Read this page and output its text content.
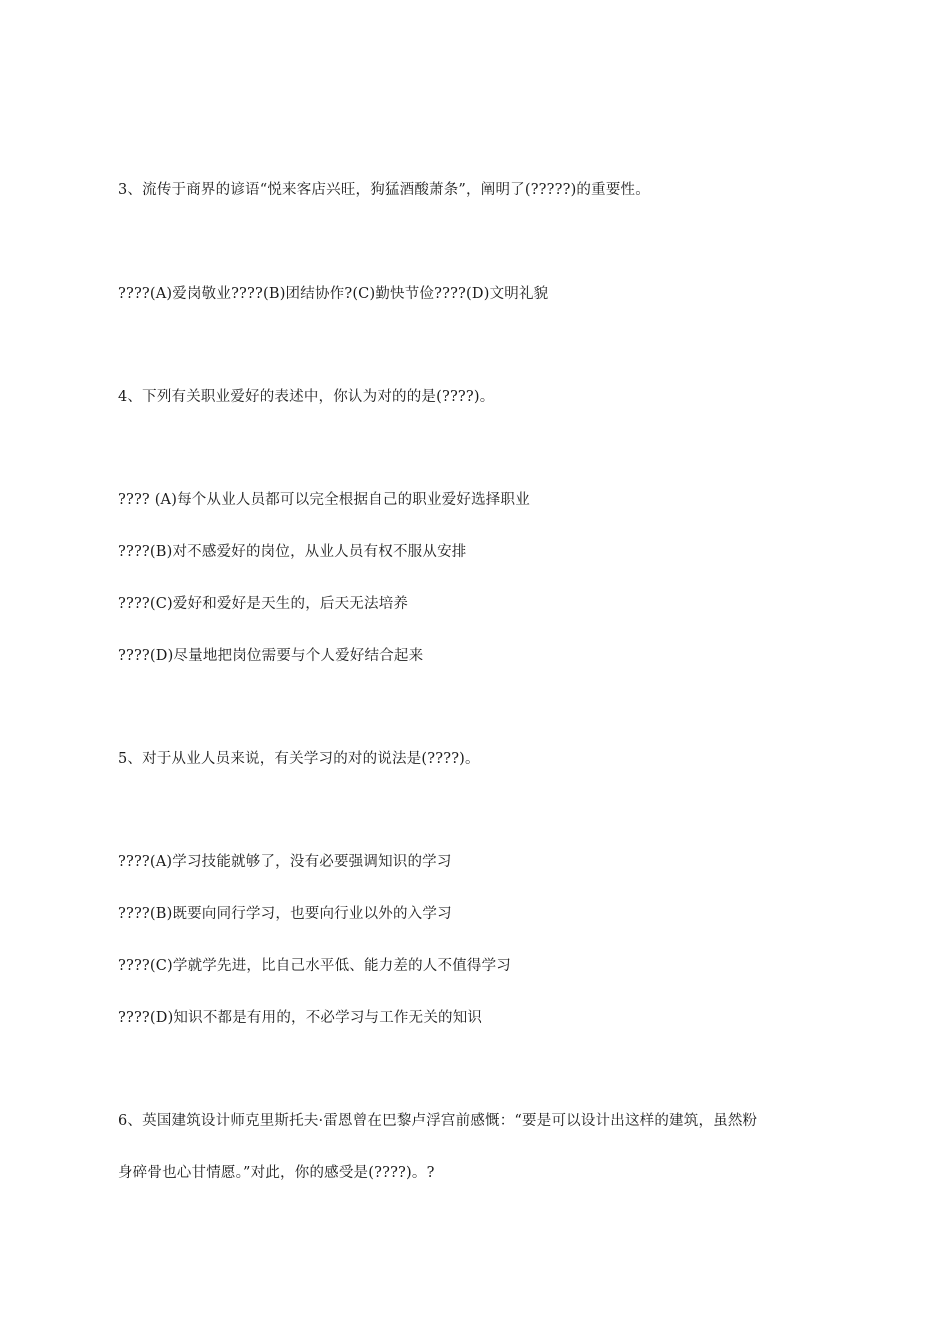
3、流传于商界的谚语“悦来客店兴旺，狗猛酒酸萧条”，阐明了(?????)的重要性。
????(A)爱岗敬业????(B)团结协作?(C)勤快节俭????(D)文明礼貌
4、下列有关职业爱好的表述中，你认为对的的是(????)。
???? (A)每个从业人员都可以完全根据自己的职业爱好选择职业
????(B)对不感爱好的岗位，从业人员有权不服从安排
????(C)爱好和爱好是天生的，后天无法培养
????(D)尽量地把岗位需要与个人爱好结合起来
5、对于从业人员来说，有关学习的对的说法是(????)。
????(A)学习技能就够了，没有必要强调知识的学习
????(B)既要向同行学习，也要向行业以外的入学习
????(C)学就学先进，比自己水平低、能力差的人不值得学习
????(D)知识不都是有用的，不必学习与工作无关的知识
6、英国建筑设计师克里斯托夫·雷恩曾在巴黎卢浮宫前感慨：“要是可以设计出这样的建筑，虽然粉
身碎骨也心甘情愿。”对此，你的感受是(????)。?
